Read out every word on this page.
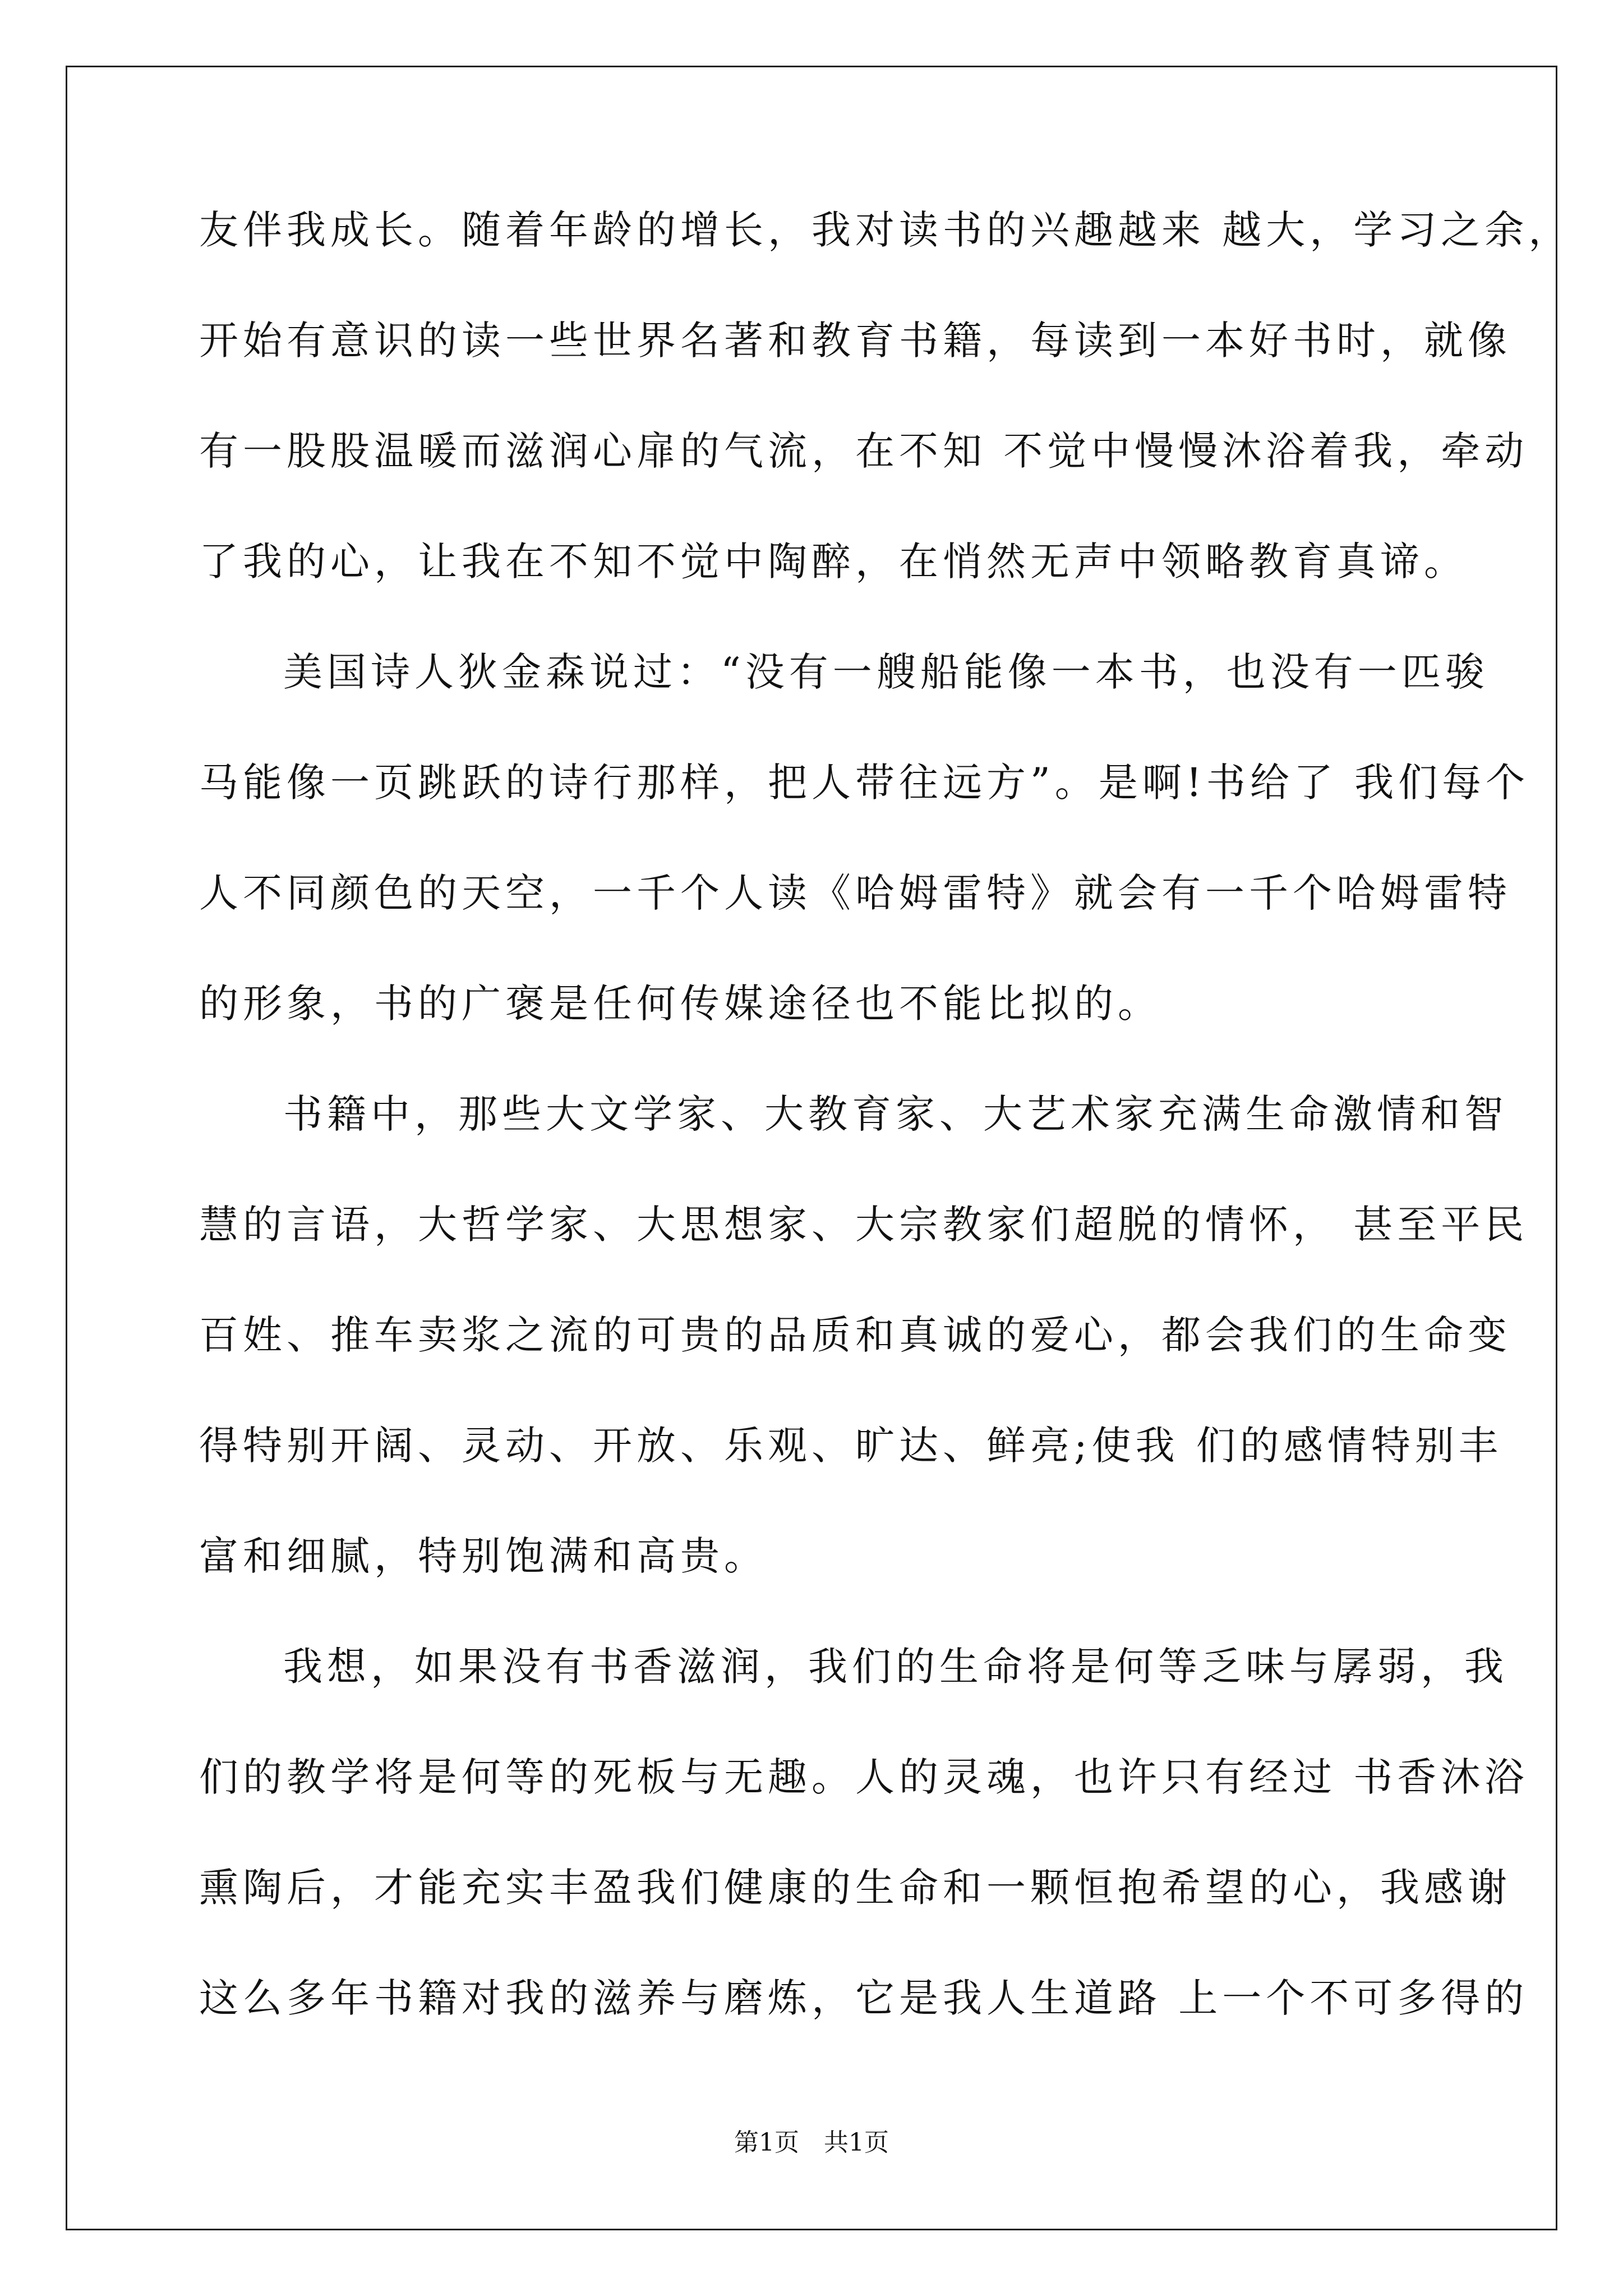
友伴我成长。随着年龄的增长，我对读书的兴趣越来 越大，学习之余，
开始有意识的读一些世界名著和教育书籍，每读到一本好书时，就像
有一股股温暖而滋润心扉的气流，在不知 不觉中慢慢沐浴着我，牵动
了我的心，让我在不知不觉中陶醉，在悄然无声中领略教育真谛。
美国诗人狄金森说过：“没有一艘船能像一本书，也没有一匹骏
马能像一页跳跃的诗行那样，把人带往远方”。是啊!书给了 我们每个
人不同颜色的天空，一千个人读《哈姆雷特》就会有一千个哈姆雷特
的形象，书的广褒是任何传媒途径也不能比拟的。
书籍中，那些大文学家、大教育家、大艺术家充满生命激情和智
慧的言语，大哲学家、大思想家、大宗教家们超脱的情怀， 甚至平民
百姓、推车卖浆之流的可贵的品质和真诚的爱心，都会我们的生命变
得特别开阔、灵动、开放、乐观、旷达、鲜亮;使我 们的感情特别丰
富和细腻，特别饱满和高贵。
我想，如果没有书香滋润，我们的生命将是何等乏味与孱弱，我
们的教学将是何等的死板与无趣。人的灵魂，也许只有经过 书香沐浴
熏陶后，才能充实丰盈我们健康的生命和一颗恒抱希望的心，我感谢
这么多年书籍对我的滋养与磨炼，它是我人生道路 上一个不可多得的
第1页　共1页
